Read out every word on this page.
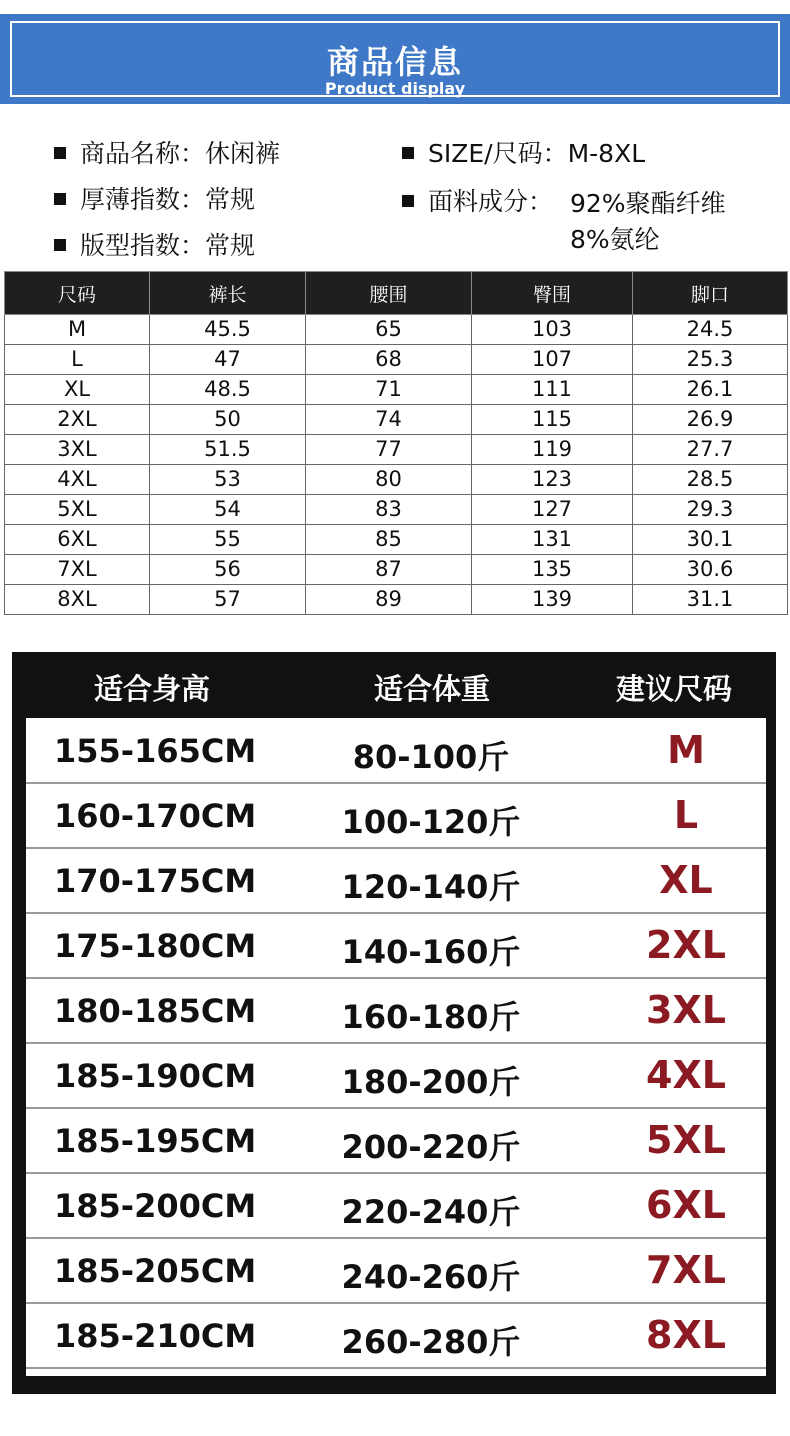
商品信息
Product display
商品名称：休闲裤
厚薄指数：常规
版型指数：常规
SIZE/尺码：M-8XL
面料成分： 92%聚酯纤维
8%氨纶
尺码	裤长	腰围	臀围	脚口
M	45.5	65	103	24.5
L	47	68	107	25.3
XL	48.5	71	111	26.1
2XL	50	74	115	26.9
3XL	51.5	77	119	27.7
4XL	53	80	123	28.5
5XL	54	83	127	29.3
6XL	55	85	131	30.1
7XL	56	87	135	30.6
8XL	57	89	139	31.1
适合身高	适合体重	建议尺码
155-165CM	80-100斤	M
160-170CM	100-120斤	L
170-175CM	120-140斤	XL
175-180CM	140-160斤	2XL
180-185CM	160-180斤	3XL
185-190CM	180-200斤	4XL
185-195CM	200-220斤	5XL
185-200CM	220-240斤	6XL
185-205CM	240-260斤	7XL
185-210CM	260-280斤	8XL
